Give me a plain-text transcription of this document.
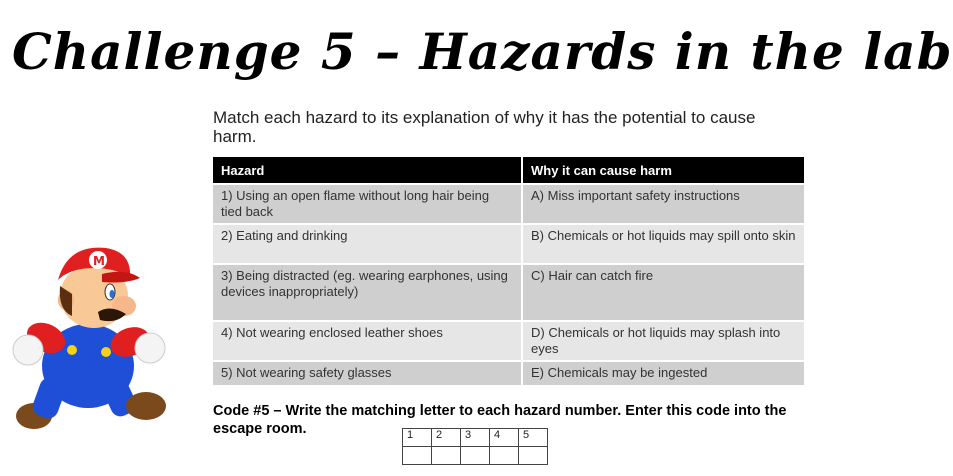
Challenge 5 – Hazards in the lab
Match each hazard to its explanation of why it has the potential to cause harm.
Hazard	Why it can cause harm
1) Using an open flame without long hair being tied back	A) Miss important safety instructions
2) Eating and drinking	B) Chemicals or hot liquids may spill onto skin
3) Being distracted (eg. wearing earphones, using devices inappropriately)	C) Hair can catch fire
4) Not wearing enclosed leather shoes	D) Chemicals or hot liquids may splash into eyes
5) Not wearing safety glasses	E) Chemicals may be ingested
Code #5 – Write the matching letter to each hazard number. Enter this code into the escape room.	1	2	3	4	5

M
